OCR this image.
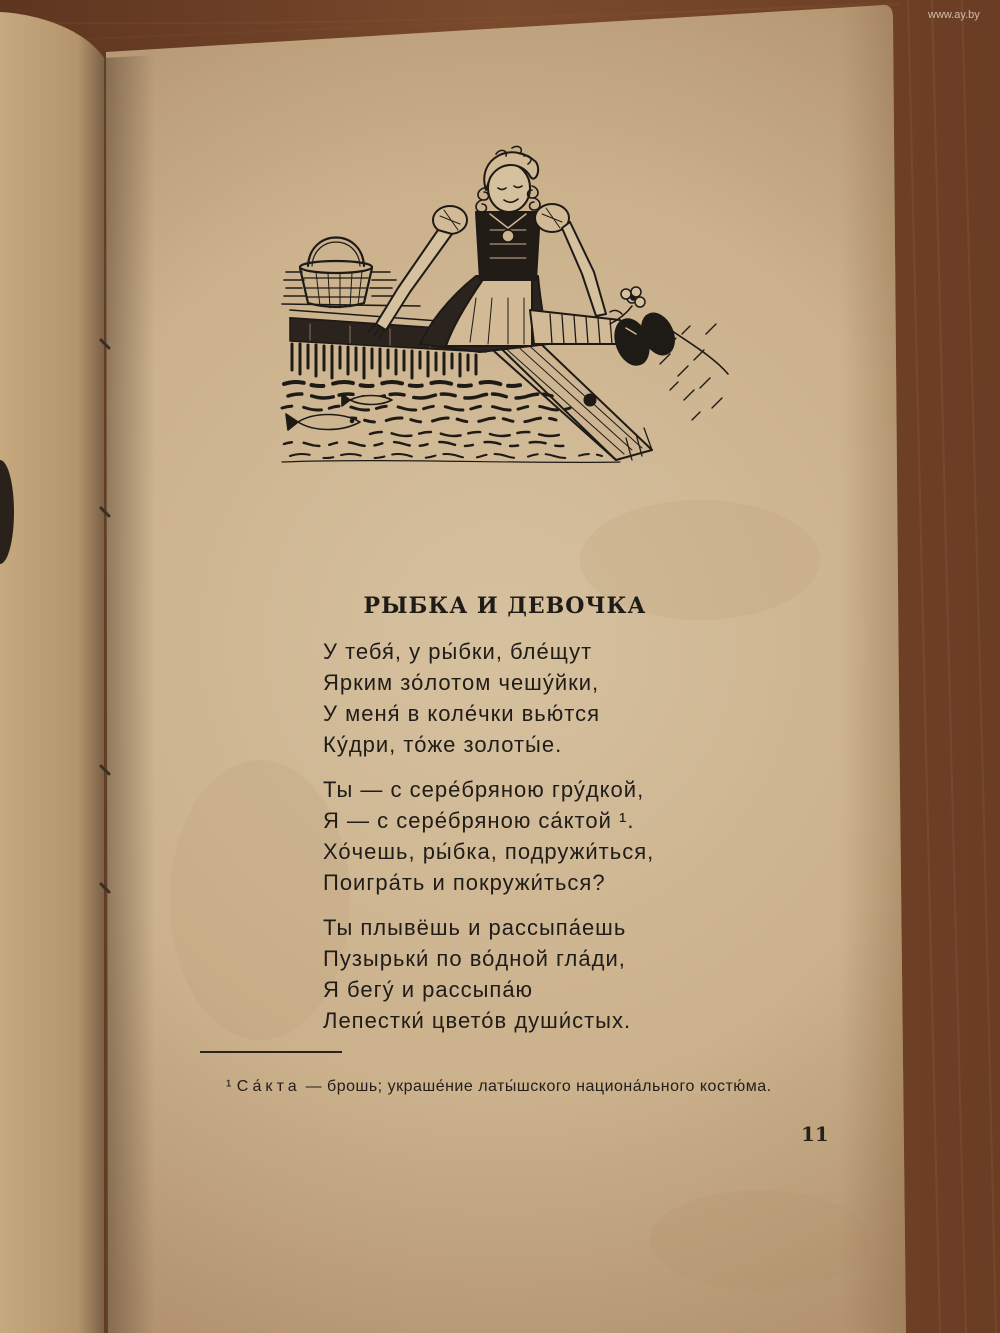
www.ay.by
РЫБКА И ДЕВОЧКА
У тебя́, у ры́бки, бле́щут
Ярким зо́лотом чешу́йки,
У меня́ в коле́чки вью́тся
Ку́дри, то́же золоты́е.
Ты — с сере́бряною гру́дкой,
Я — с сере́бряною са́ктой ¹.
Хо́чешь, ры́бка, подружи́ться,
Поигра́ть и покружи́ться?
Ты плывёшь и рассыпа́ешь
Пузырьки́ по во́дной гла́ди,
Я бегу́ и рассыпа́ю
Лепестки́ цвето́в души́стых.
¹ Са́кта — брошь; украше́ние латы́шского национа́льного костю́ма.
11
